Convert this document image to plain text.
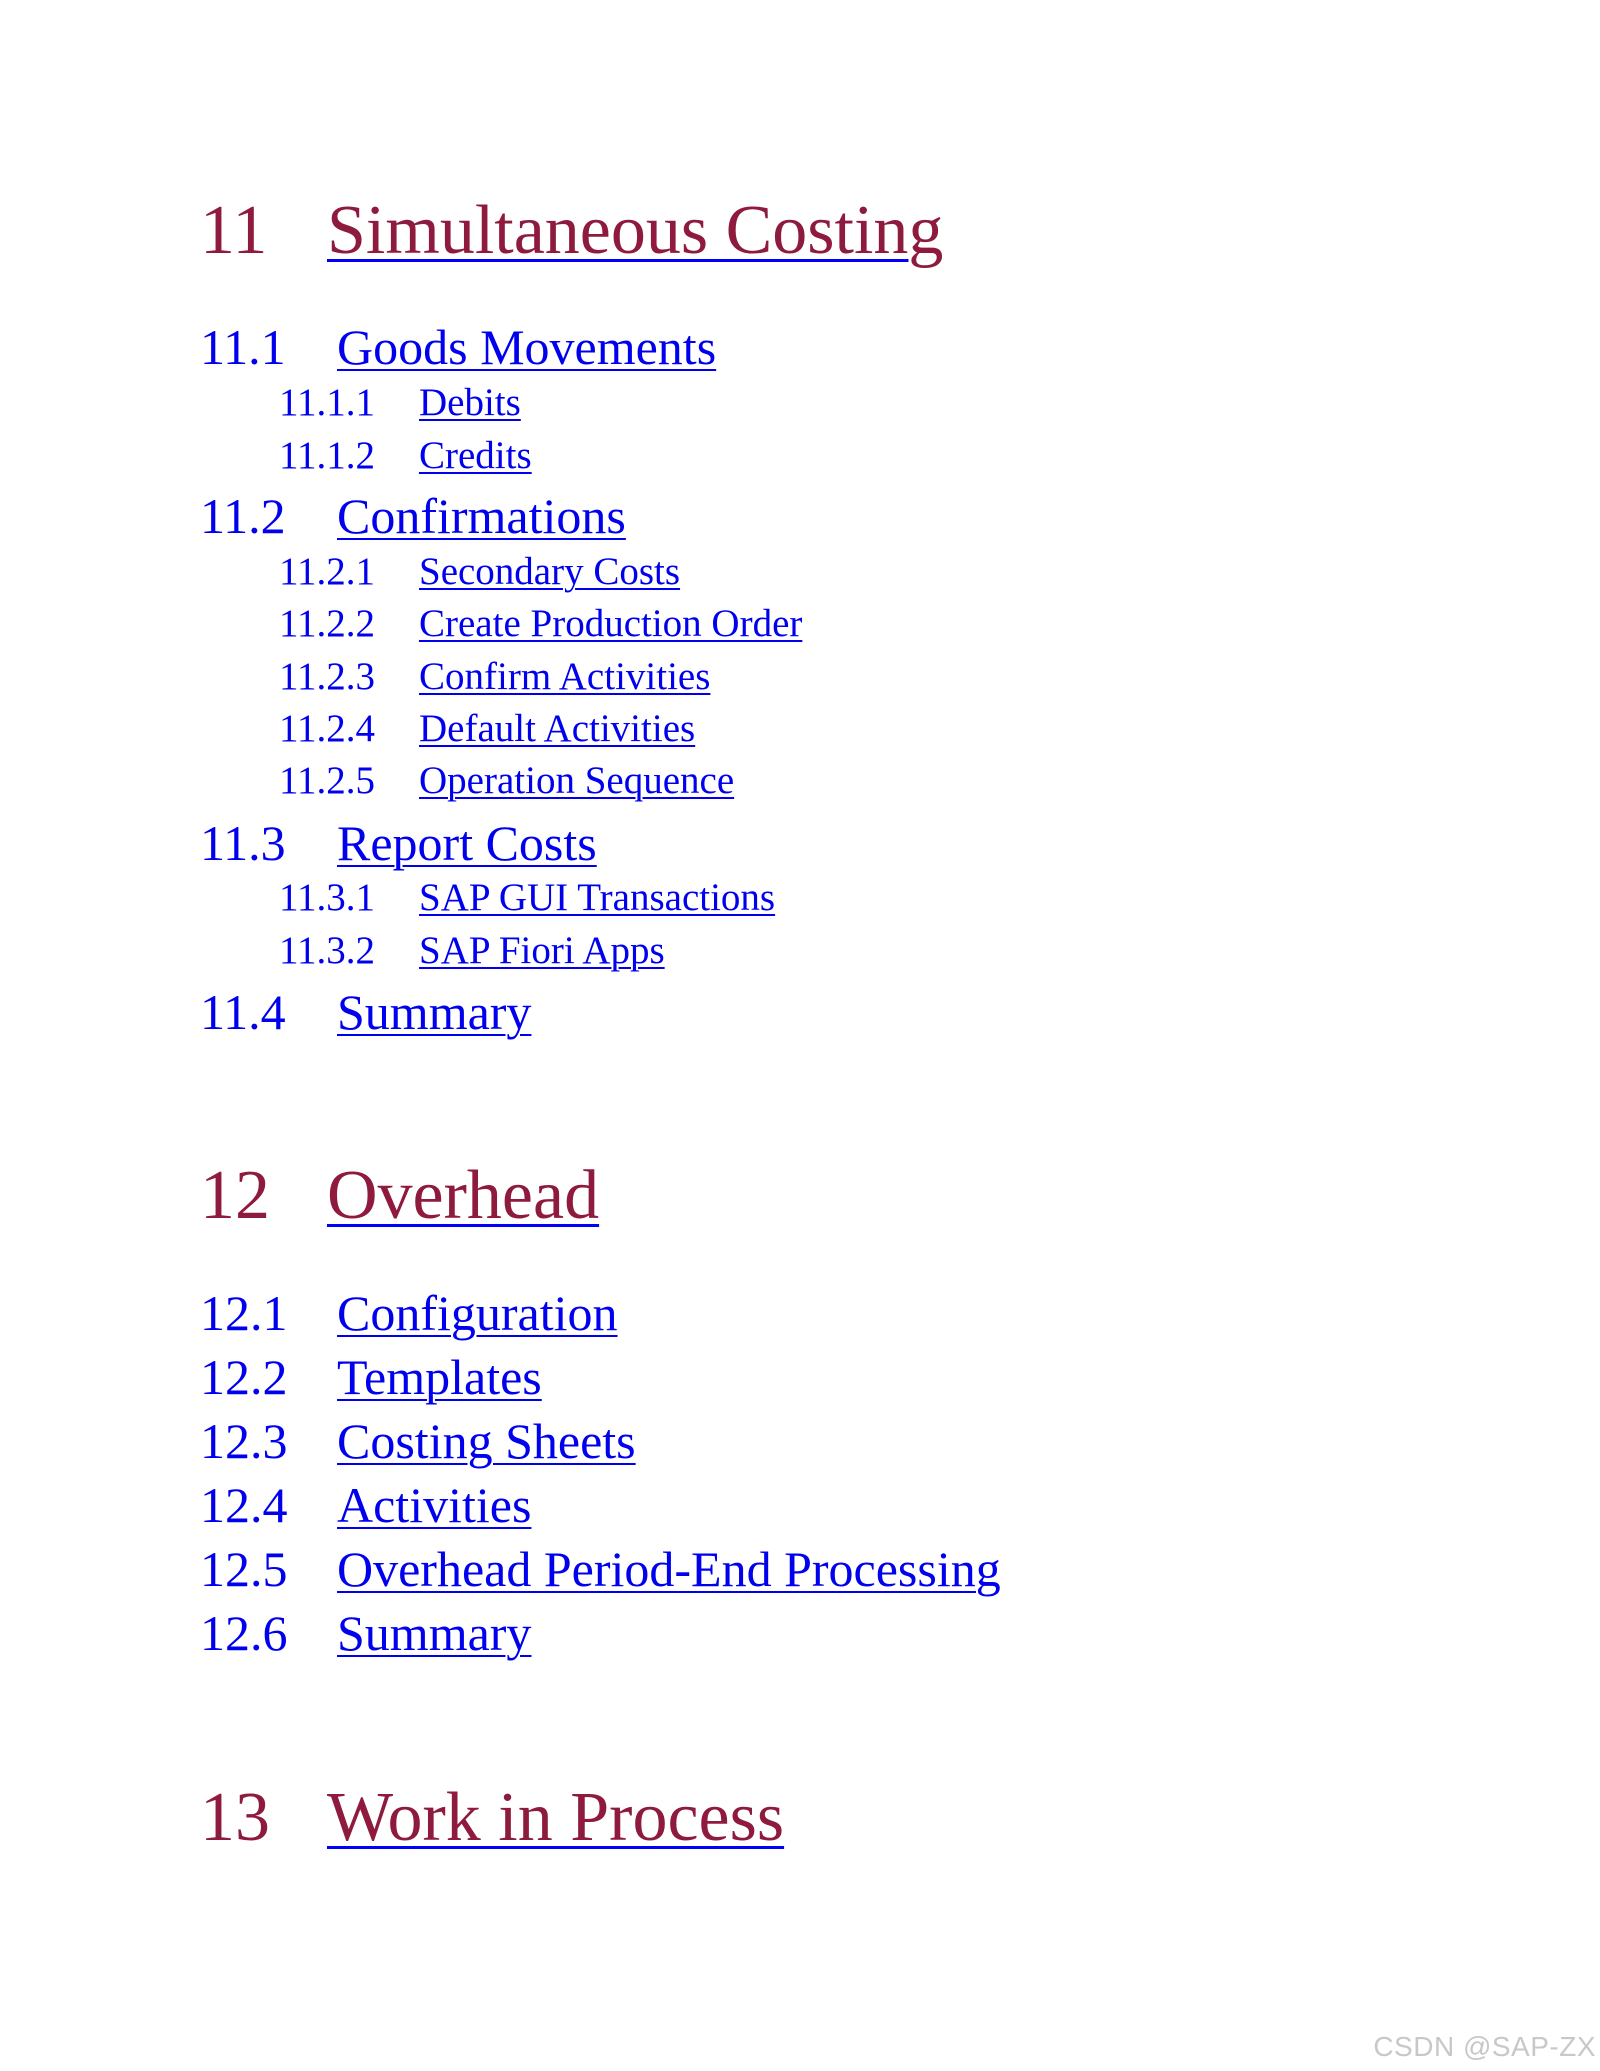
11 Simultaneous Costing
11.1 Goods Movements
11.1.1 Debits
11.1.2 Credits
11.2 Confirmations
11.2.1 Secondary Costs
11.2.2 Create Production Order
11.2.3 Confirm Activities
11.2.4 Default Activities
11.2.5 Operation Sequence
11.3 Report Costs
11.3.1 SAP GUI Transactions
11.3.2 SAP Fiori Apps
11.4 Summary
12 Overhead
12.1 Configuration
12.2 Templates
12.3 Costing Sheets
12.4 Activities
12.5 Overhead Period-End Processing
12.6 Summary
13 Work in Process
CSDN @SAP-ZX
